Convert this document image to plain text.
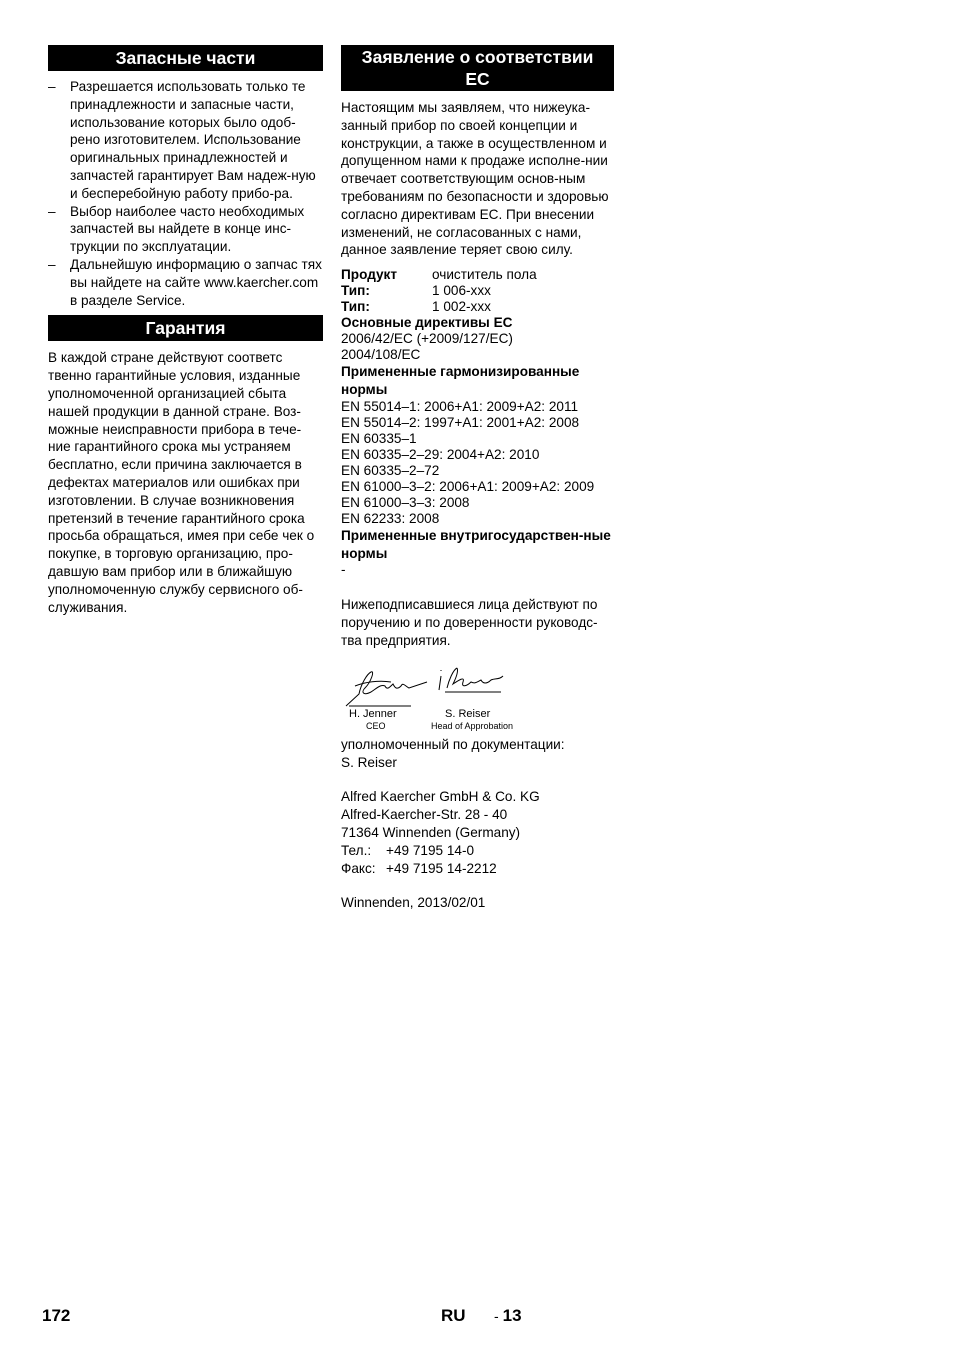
Запасные части
– Разрешается использовать только те принадлежности и запасные части, использование которых было одоб-рено изготовителем. Использование оригинальных принадлежностей и запчастей гарантирует Вам надеж-ную и бесперебойную работу прибо-ра.
– Выбор наиболее часто необходимых запчастей вы найдете в конце инс-трукции по эксплуатации.
– Дальнейшую информацию о запчас тях вы найдете на сайте www.kaercher.com в разделе Service.
Гарантия

В каждой стране действуют соответс твенно гарантийные условия, изданные уполномоченной организацией сбыта нашей продукции в данной стране. Воз-можные неисправности прибора в тече-ние гарантийного срока мы устраняем бесплатно, если причина заключается в дефектах материалов или ошибках при изготовлении. В случае возникновения претензий в течение гарантийного срока просьба обращаться, имея при себе чек о покупке, в торговую организацию, про-давшую вам прибор или в ближайшую уполномоченную службу сервисного об-служивания.

Заявление о соответствии
ЕС

Настоящим мы заявляем, что нижеука-занный прибор по своей концепции и конструкции, а также в осуществленном и допущенном нами к продаже исполне-нии отвечает соответствующим основ-ным требованиям по безопасности и здоровью согласно директивам ЕС. При внесении изменений, не согласованных с нами, данное заявление теряет свою силу.

Продукт	очиститель пола
Тип:	1 006-xxx
Тип:	1 002-xxx
Основные директивы ЕС
2006/42/EC (+2009/127/EC)
2004/108/EC
Примененные гармонизированные нормы
EN 55014–1: 2006+A1: 2009+A2: 2011
EN 55014–2: 1997+A1: 2001+A2: 2008
EN 60335–1
EN 60335–2–29: 2004+A2: 2010
EN 60335–2–72
EN 61000–3–2: 2006+A1: 2009+A2: 2009
EN 61000–3–3: 2008
EN 62233: 2008
Примененные внутригосударствен-ные нормы
-

Нижеподписавшиеся лица действуют по поручению и по доверенности руководс-тва предприятия.

H. Jenner
CEO
S. Reiser
Head of Approbation
уполномоченный по документации:
S. Reiser
Alfred Kaercher GmbH & Co. KG
Alfred-Kaercher-Str. 28 - 40
71364 Winnenden (Germany)
Тел.:	+49 7195 14-0
Факс: +49 7195 14-2212
Winnenden, 2013/02/01
172	RU - 13
